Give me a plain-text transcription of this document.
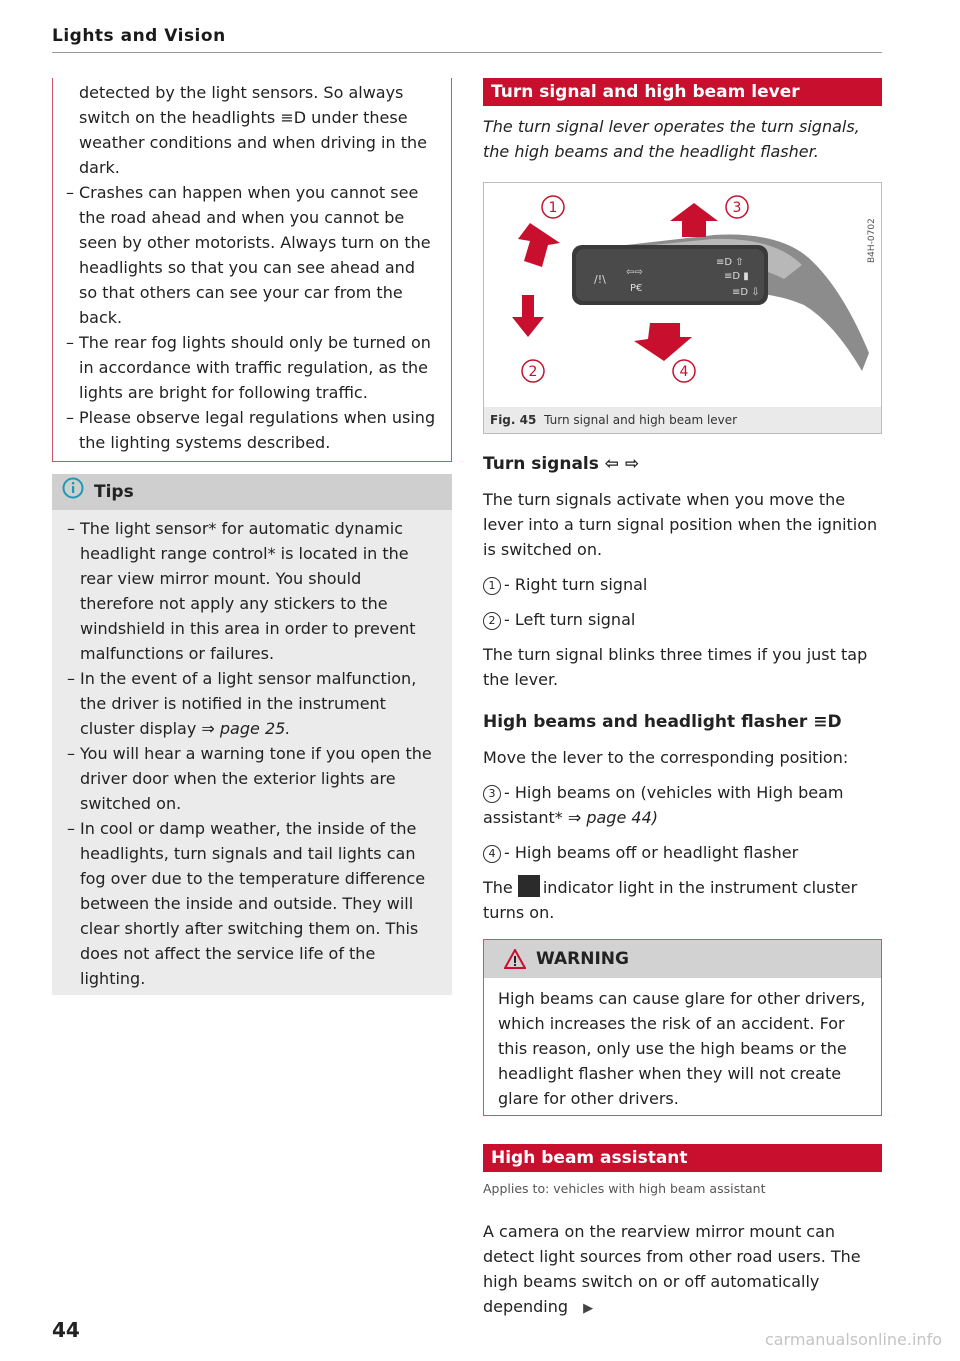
Lights and Vision
detected by the light sensors. So always switch on the headlights ≡D under these weather conditions and when driving in the dark.
– Crashes can happen when you cannot see the road ahead and when you cannot be seen by other motorists. Always turn on the headlights so that you can see ahead and so that others can see your car from the back.
– The rear fog lights should only be turned on in accordance with traffic regulation, as the lights are bright for following traffic.
– Please observe legal regulations when using the lighting systems described.
Tips
– The light sensor* for automatic dynamic headlight range control* is located in the rear view mirror mount. You should therefore not apply any stickers to the windshield in this area in order to prevent malfunctions or failures.
– In the event of a light sensor malfunction, the driver is notified in the instrument cluster display ⇒ page 25.
– You will hear a warning tone if you open the driver door when the exterior lights are switched on.
– In cool or damp weather, the inside of the headlights, turn signals and tail lights can fog over due to the temperature difference between the inside and outside. They will clear shortly after switching them on. This does not affect the service life of the lighting.
Turn signal and high beam lever
The turn signal lever operates the turn signals, the high beams and the headlight flasher.
/!\
⇦⇨
P€
≡D ⇧
≡D ▮
≡D ⇩
1
2
3
4
B4H-0702
Fig. 45 Turn signal and high beam lever
Turn signals ⇦ ⇨

The turn signals activate when you move the lever into a turn signal position when the ignition is switched on.

1 - Right turn signal
2 - Left turn signal

The turn signal blinks three times if you just tap the lever.

High beams and headlight flasher ≡D

Move the lever to the corresponding position:

3 - High beams on (vehicles with High beam assistant* ⇒ page 44)
4 - High beams off or headlight flasher

The indicator light in the instrument cluster turns on.

WARNING
High beams can cause glare for other drivers, which increases the risk of an accident. For this reason, only use the high beams or the headlight flasher when they will not create glare for other drivers.
High beam assistant
Applies to: vehicles with high beam assistant

A camera on the rearview mirror mount can detect light sources from other road users. The high beams switch on or off automatically depending ▶

44	carmanualsonline.info
